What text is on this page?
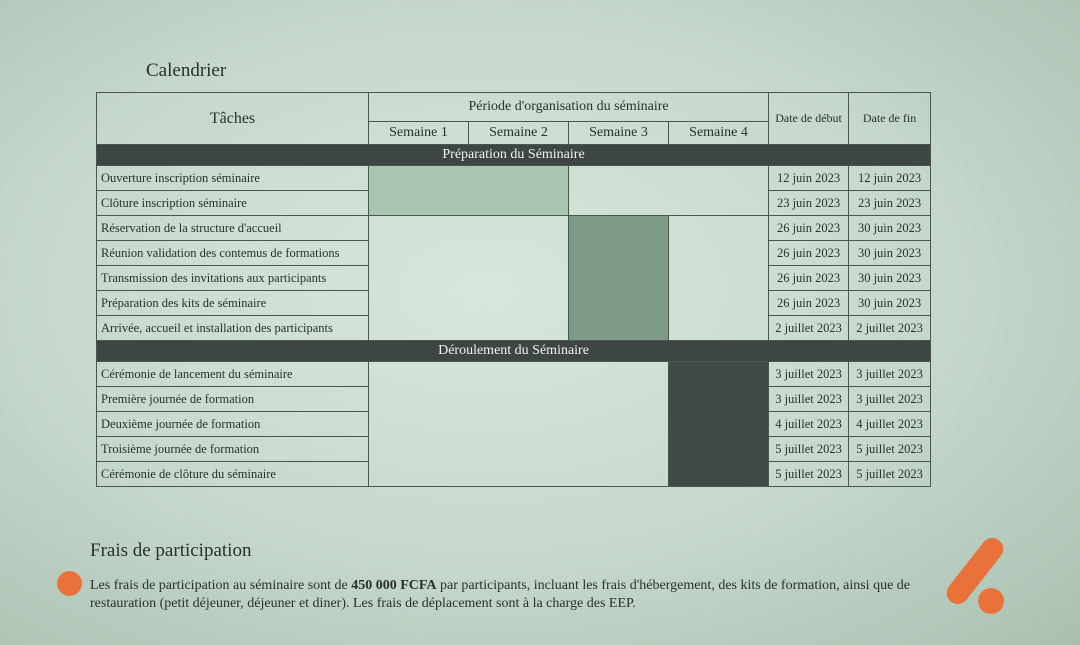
Calendrier
Tâches	Période d'organisation du séminaire				Date de début	Date de fin
	Semaine 1	Semaine 2	Semaine 3	Semaine 4		
Préparation du Séminaire						
Ouverture inscription séminaire					12 juin 2023	12 juin 2023
Clôture inscription séminaire					23 juin 2023	23 juin 2023
Réservation de la structure d'accueil					26 juin 2023	30 juin 2023
Réunion validation des contemus de formations					26 juin 2023	30 juin 2023
Transmission des invitations aux participants					26 juin 2023	30 juin 2023
Préparation des kits de séminaire					26 juin 2023	30 juin 2023
Arrivée, accueil et installation des participants					2 juillet 2023	2 juillet 2023
Déroulement du Séminaire						
Cérémonie de lancement du séminaire					3 juillet 2023	3 juillet 2023
Première journée de formation					3 juillet 2023	3 juillet 2023
Deuxième journée de formation					4 juillet 2023	4 juillet 2023
Troisième journée de formation					5 juillet 2023	5 juillet 2023
Cérémonie de clôture du séminaire					5 juillet 2023	5 juillet 2023
Frais de participation
Les frais de participation au séminaire sont de 450 000 FCFA par participants, incluant les frais d'hébergement, des kits de formation, ainsi que de restauration (petit déjeuner, déjeuner et diner). Les frais de déplacement sont à la charge des EEP.
